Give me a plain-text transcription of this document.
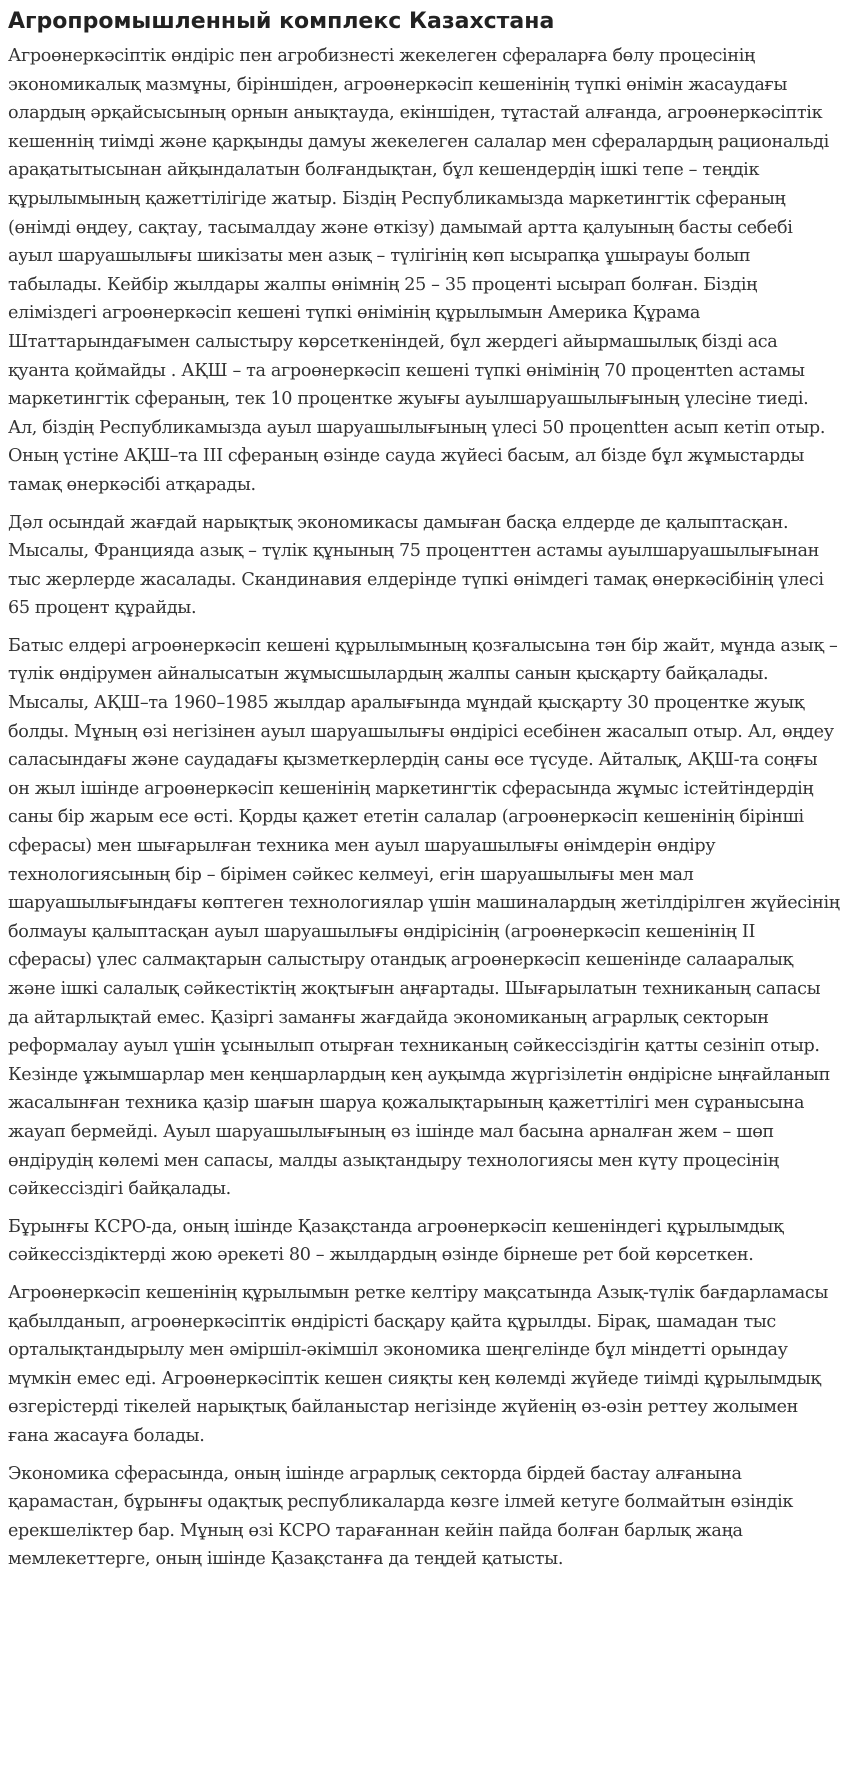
Агропромышленный комплекс Казахстана

Агроөнеркәсіптік өндіріс пен агробизнесті жекелеген сфераларға бөлу процесінің экономикалық мазмұны, біріншіден, агроөнеркәсіп кешенінің түпкі өнімін жасаудағы олардың әрқайсысының орнын анықтауда, екіншіден, тұтастай алғанда, агроөнеркәсіптік кешеннің тиімді және қарқынды дамуы жекелеген салалар мен сфералардың рациональді арақатытысынан айқындалатын болғандықтан, бұл кешендердің ішкі тепе – теңдік құрылымының қажеттілігіде жатыр. Біздің Республикамызда маркетингтік сфераның (өнімді өңдеу, сақтау, тасымалдау және өткізу) дамымай артта қалуының басты себебі ауыл шаруашылығы шикізаты мен азық – түлігінің көп ысырапқа ұшырауы болып табылады. Кейбір жылдары жалпы өнімнің 25 – 35 проценті ысырап болған. Біздің еліміздегі агроөнеркәсіп кешені түпкі өнімінің құрылымын Америка Құрама Штаттарындағымен салыстыру көрсеткеніндей, бұл жердегі айырмашылық бізді аса қуанта қоймайды . АҚШ – та агроөнеркәсіп кешені түпкі өнімінің 70 процентten астамы маркетингтік сфераның, тек 10 процентке жуығы ауылшаруашылығының үлесіне тиеді. Ал, біздің Республикамызда ауыл шаруашылығының үлесі 50 процenttен асып кетіп отыр. Оның үстіне АҚШ–та ІІІ сфераның өзінде сауда жүйесі басым, ал бізде бұл жұмыстарды тамақ өнеркәсібі атқарады.

Дәл осындай жағдай нарықтық экономикасы дамыған басқа елдерде де қалыптасқан. Мысалы, Францияда азық – түлік құнының 75 проценттен астамы ауылшаруашылығынан тыс жерлерде жасалады. Скандинавия елдерінде түпкі өнімдегі тамақ өнеркәсібінің үлесі 65 процент құрайды.

Батыс елдері агроөнеркәсіп кешені құрылымының қозғалысына тән бір жайт, мұнда азық – түлік өндірумен айналысатын жұмысшылардың жалпы санын қысқарту байқалады. Мысалы, АҚШ–та 1960–1985 жылдар аралығында мұндай қысқарту 30 процентке жуық болды. Мұның өзі негізінен ауыл шаруашылығы өндірісі есебінен жасалып отыр. Ал, өңдеу саласындағы және саудадағы қызметкерлердің саны өсе түсуде. Айталық, АҚШ-та соңғы он жыл ішінде агроөнеркәсіп кешенінің маркетингтік сферасында жұмыс істейтіндердің саны бір жарым есе өсті. Қорды қажет ететін салалар (агроөнеркәсіп кешенінің бірінші сферасы) мен шығарылған техника мен ауыл шаруашылығы өнімдерін өндіру технологиясының бір – бірімен сәйкес келмеуі, егін шаруашылығы мен мал шаруашылығындағы көптеген технологиялар үшін машиналардың жетілдірілген жүйесінің болмауы қалыптасқан ауыл шаруашылығы өндірісінің (агроөнеркәсіп кешенінің ІІ сферасы) үлес салмақтарын салыстыру отандық агроөнеркәсіп кешенінде салааралық және ішкі салалық сәйкестіктің жоқтығын аңғартады. Шығарылатын техниканың сапасы да айтарлықтай емес. Қазіргі заманғы жағдайда экономиканың аграрлық секторын реформалау ауыл үшін ұсынылып отырған техниканың сәйкессіздігін қатты сезініп отыр. Кезінде ұжымшарлар мен кеңшарлардың кең ауқымда жүргізілетін өндірісне ыңғайланып жасалынған техника қазір шағын шаруа қожалықтарының қажеттілігі мен сұранысына жауап бермейді. Ауыл шаруашылығының өз ішінде мал басына арналған жем – шөп өндірудің көлемі мен сапасы, малды азықтандыру технологиясы мен күту процесінің сәйкессіздігі байқалады.

Бұрынғы КСРО-да, оның ішінде Қазақстанда агроөнеркәсіп кешеніндегі құрылымдық сәйкессіздіктерді жою әрекеті 80 – жылдардың өзінде бірнеше рет бой көрсеткен.

Агроөнеркәсіп кешенінің құрылымын ретке келтіру мақсатында Азық-түлік бағдарламасы қабылданып, агроөнеркәсіптік өндірісті басқару қайта құрылды. Бірақ, шамадан тыс орталықтандырылу мен әміршіл-әкімшіл экономика шеңгелінде бұл міндетті орындау мүмкін емес еді. Агроөнеркәсіптік кешен сияқты кең көлемді жүйеде тиімді құрылымдық өзгерістерді тікелей нарықтық байланыстар негізінде жүйенің өз-өзін реттеу жолымен ғана жасауға болады.

Экономика сферасында, оның ішінде аграрлық секторда бірдей бастау алғанына қарамастан, бұрынғы одақтық республикаларда көзге ілмей кетуге болмайтын өзіндік ерекшеліктер бар. Мұның өзі КСРО тарағаннан кейін пайда болған барлық жаңа мемлекеттерге, оның ішінде Қазақстанға да теңдей қатысты.
